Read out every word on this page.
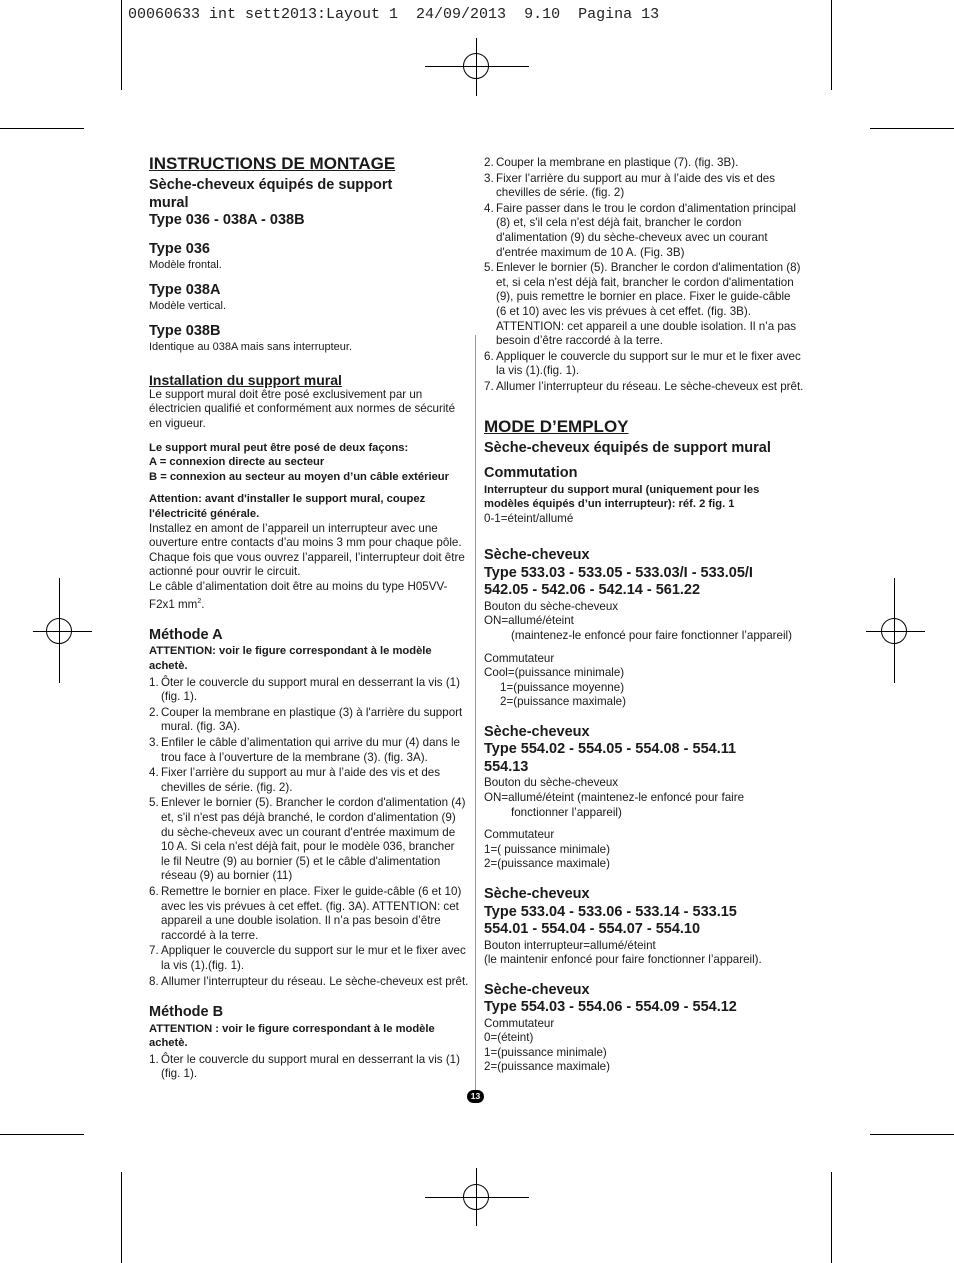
00060633 int sett2013:Layout 1  24/09/2013  9.10  Pagina 13

INSTRUCTIONS DE MONTAGE

Sèche-cheveux équipés de support

mural

Type 036 - 038A - 038B

Type 036

Modèle frontal.

Type 038A

Modèle vertical.

Type 038B

Identique au 038A mais sans interrupteur.

Installation du support mural

Le support mural doit être posé exclusivement par un

électricien qualifié et conformément aux normes de sécurité

en vigueur.

Le support mural peut être posé de deux façons:

A = connexion directe au secteur

B = connexion au secteur au moyen d’un câble extérieur

Attention: avant d'installer le support mural, coupez

l'électricité générale.

Installez en amont de l’appareil un interrupteur avec une

ouverture entre contacts d’au moins 3 mm pour chaque pôle.

Chaque fois que vous ouvrez l’appareil, l’interrupteur doit être

actionné pour ouvrir le circuit.

Le câble d’alimentation doit être au moins du type H05VV-

F2x1 $mm^2$.

Méthode A

ATTENTION: voir le figure correspondant à le modèle

achetè.

1. Ôter le couvercle du support mural en desserrant la vis (1)
(fig. 1).
2. Couper la membrane en plastique (3) à l'arrière du support
mural. (fig. 3A).
3. Enfiler le câble d’alimentation qui arrive du mur (4) dans le
trou face à l’ouverture de la membrane (3). (fig. 3A).
4. Fixer l’arrière du support au mur à l’aide des vis et des
chevilles de série. (fig. 2).
5. Enlever le bornier (5). Brancher le cordon d'alimentation (4)
et, s'il n'est pas déjà branché, le cordon d'alimentation (9)
du sèche-cheveux avec un courant d'entrée maximum de
10 A. Si cela n'est déjà fait, pour le modèle 036, brancher
le fil Neutre (9) au bornier (5) et le câble d'alimentation
réseau (9) au bornier (11)
6. Remettre le bornier en place. Fixer le guide-câble (6 et 10)
avec les vis prévues à cet effet. (fig. 3A). ATTENTION: cet
appareil a une double isolation. Il n’a pas besoin d’être
raccordé à la terre.
7. Appliquer le couvercle du support sur le mur et le fixer avec
la vis (1).(fig. 1).
8. Allumer l’interrupteur du réseau. Le sèche-cheveux est prêt.

Méthode B

ATTENTION : voir le figure correspondant à le modèle

achetè.

1. Ôter le couvercle du support mural en desserrant la vis (1)
(fig. 1).
2. Couper la membrane en plastique (7). (fig. 3B).
3. Fixer l’arrière du support au mur à l’aide des vis et des
chevilles de série. (fig. 2)
4. Faire passer dans le trou le cordon d'alimentation principal
(8) et, s'il cela n'est déjà fait, brancher le cordon
d'alimentation (9) du sèche-cheveux avec un courant
d'entrée maximum de 10 A. (Fig. 3B)
5. Enlever le bornier (5). Brancher le cordon d'alimentation (8)
et, si cela n'est déjà fait, brancher le cordon d'alimentation
(9), puis remettre le bornier en place. Fixer le guide-câble
(6 et 10) avec les vis prévues à cet effet. (fig. 3B).
ATTENTION: cet appareil a une double isolation. Il n’a pas
besoin d’être raccordé à la terre.
6. Appliquer le couvercle du support sur le mur et le fixer avec
la vis (1).(fig. 1).
7. Allumer l’interrupteur du réseau. Le sèche-cheveux est prêt.

MODE D’EMPLOY

Sèche-cheveux équipés de support mural

Commutation

Interrupteur du support mural (uniquement pour les

modèles équipés d’un interrupteur): réf. 2 fig. 1

0-1=éteint/allumé

Sèche-cheveux

Type 533.03 - 533.05 - 533.03/I - 533.05/I

542.05 - 542.06 - 542.14 - 561.22

Bouton du sèche-cheveux

ON=allumé/éteint

(maintenez-le enfoncé pour faire fonctionner l’appareil)

Commutateur

Cool=(puissance minimale)

1=(puissance moyenne)

2=(puissance maximale)

Sèche-cheveux

Type 554.02 - 554.05 - 554.08 - 554.11

554.13

Bouton du sèche-cheveux

ON=allumé/éteint (maintenez-le enfoncé pour faire

fonctionner l’appareil)

Commutateur

1=( puissance minimale)

2=(puissance maximale)

Sèche-cheveux

Type 533.04 - 533.06 - 533.14 - 533.15

554.01 - 554.04 - 554.07 - 554.10

Bouton interrupteur=allumé/éteint

(le maintenir enfoncé pour faire fonctionner l’appareil).

Sèche-cheveux

Type 554.03 - 554.06 - 554.09 - 554.12

Commutateur

0=(éteint)

1=(puissance minimale)

2=(puissance maximale)

13
